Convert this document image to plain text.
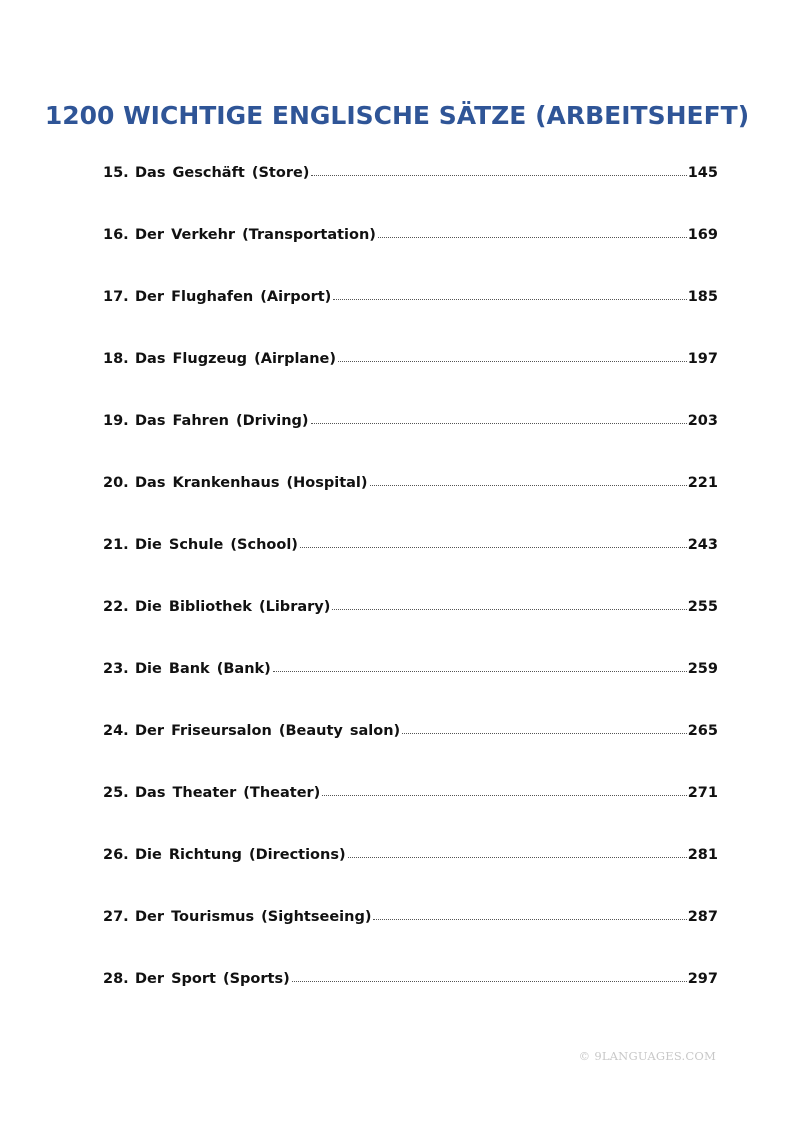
1200 WICHTIGE ENGLISCHE SÄTZE (ARBEITSHEFT)
15. Das Geschäft (Store)	145
16. Der Verkehr (Transportation)	169
17. Der Flughafen (Airport)	185
18. Das Flugzeug (Airplane)	197
19. Das Fahren (Driving)	203
20. Das Krankenhaus (Hospital)	221
21. Die Schule (School)	243
22. Die Bibliothek (Library)	255
23. Die Bank (Bank)	259
24. Der Friseursalon (Beauty salon)	265
25. Das Theater (Theater)	271
26. Die Richtung (Directions)	281
27. Der Tourismus (Sightseeing)	287
28. Der Sport (Sports)	297
© 9LANGUAGES.COM
